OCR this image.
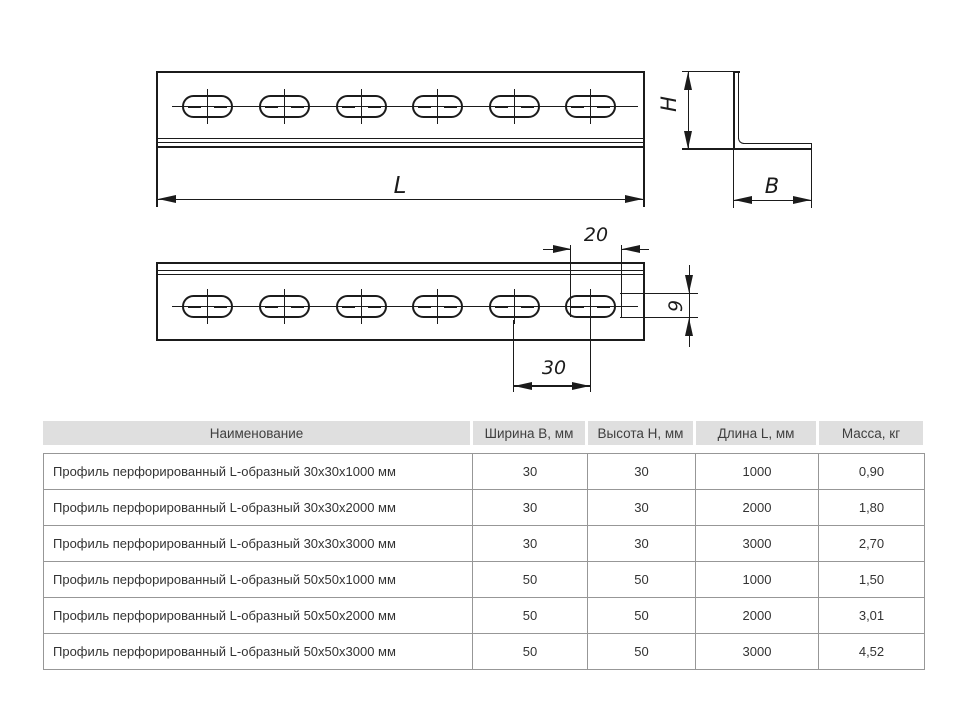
L
H
B
20
30
9
Наименование	Ширина B, мм	Высота H, мм	Длина L, мм	Масса, кг
Профиль перфорированный L-образный 30х30х1000 мм	30	30	1000	0,90
Профиль перфорированный L-образный 30х30х2000 мм	30	30	2000	1,80
Профиль перфорированный L-образный 30х30х3000 мм	30	30	3000	2,70
Профиль перфорированный L-образный 50х50х1000 мм	50	50	1000	1,50
Профиль перфорированный L-образный 50х50х2000 мм	50	50	2000	3,01
Профиль перфорированный L-образный 50х50х3000 мм	50	50	3000	4,52
